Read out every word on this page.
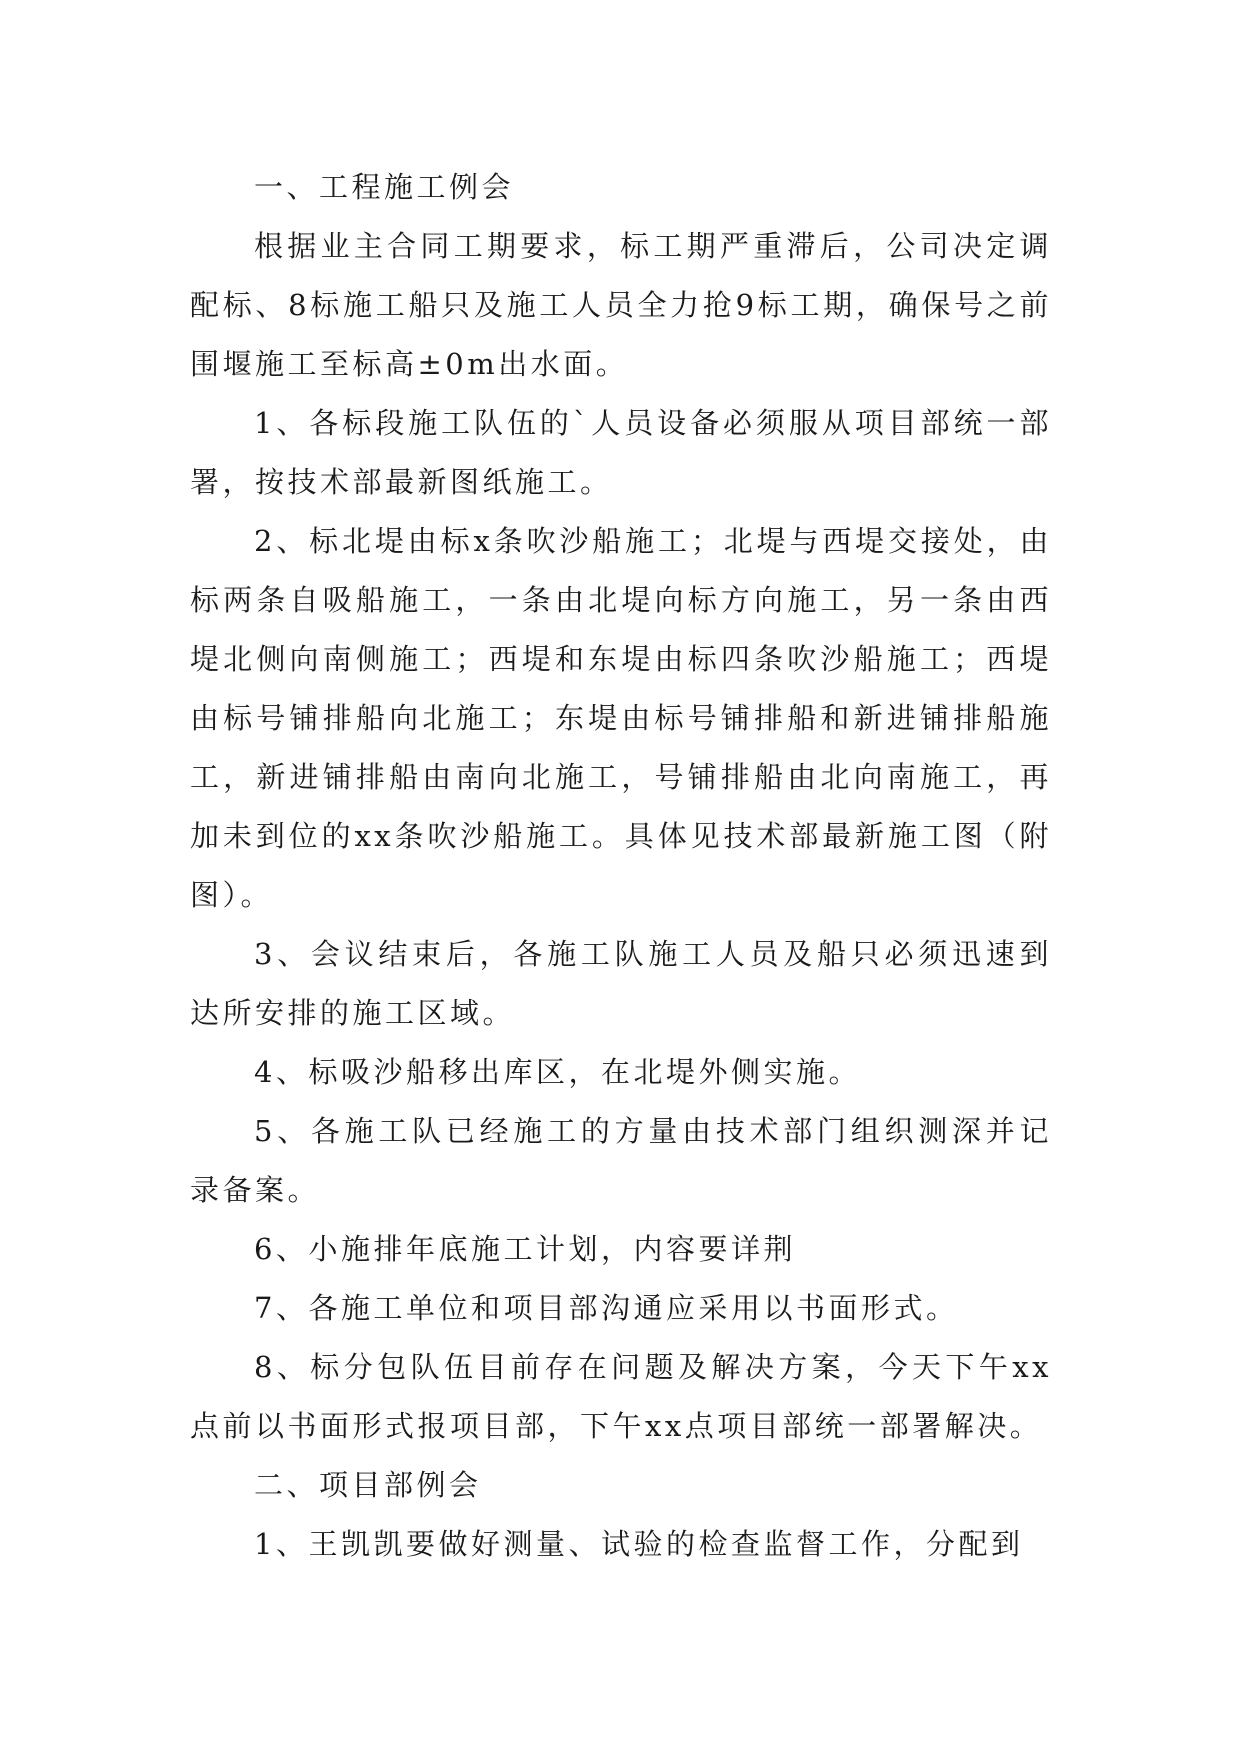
一、工程施工例会

根据业主合同工期要求，标工期严重滞后，公司决定调配标、8标施工船只及施工人员全力抢9标工期，确保号之前围堰施工至标高±0m出水面。

1、各标段施工队伍的`人员设备必须服从项目部统一部署，按技术部最新图纸施工。

2、标北堤由标x条吹沙船施工；北堤与西堤交接处，由标两条自吸船施工，一条由北堤向标方向施工，另一条由西堤北侧向南侧施工；西堤和东堤由标四条吹沙船施工；西堤由标号铺排船向北施工；东堤由标号铺排船和新进铺排船施工，新进铺排船由南向北施工，号铺排船由北向南施工，再加未到位的xx条吹沙船施工。具体见技术部最新施工图（附图）。

3、会议结束后，各施工队施工人员及船只必须迅速到达所安排的施工区域。

4、标吸沙船移出库区，在北堤外侧实施。

5、各施工队已经施工的方量由技术部门组织测深并记录备案。

6、小施排年底施工计划，内容要详荆

7、各施工单位和项目部沟通应采用以书面形式。

8、标分包队伍目前存在问题及解决方案，今天下午xx点前以书面形式报项目部，下午xx点项目部统一部署解决。

二、项目部例会

1、王凯凯要做好测量、试验的检查监督工作，分配到
